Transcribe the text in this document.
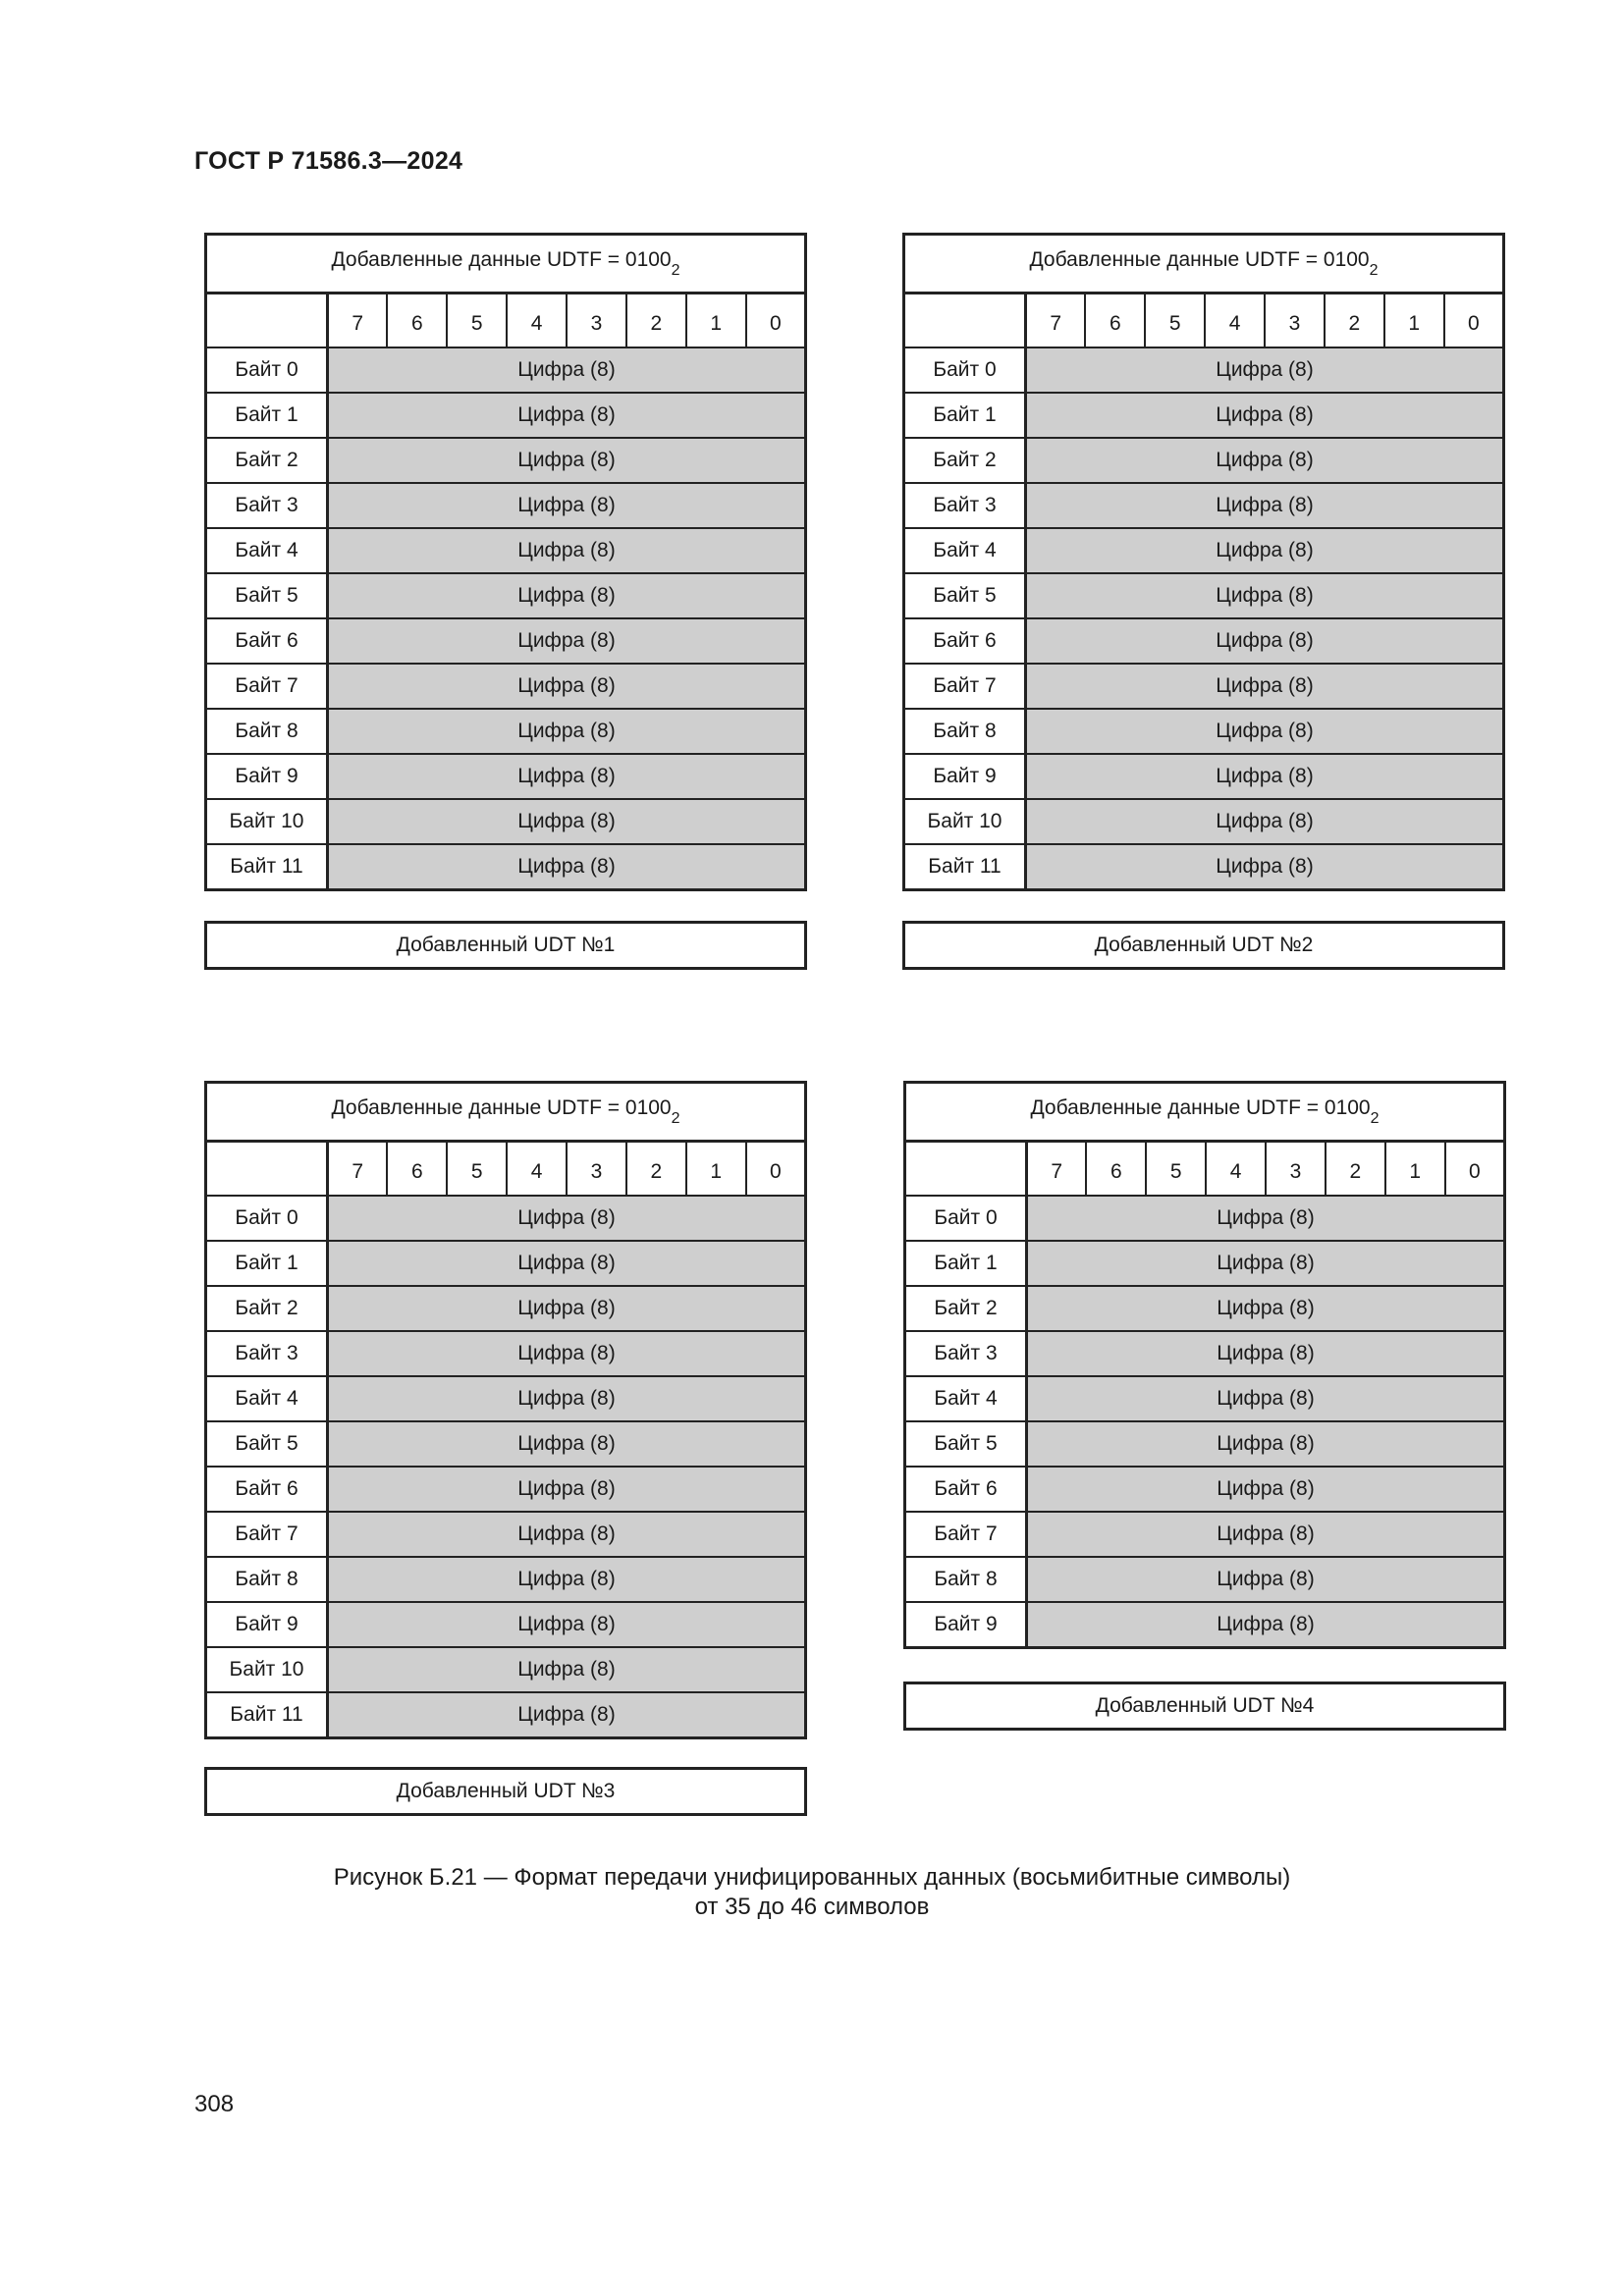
ГОСТ Р 71586.3—2024
Добавленные данные UDTF = $0100_2$
	7	6	5	4	3	2	1	0
Байт 0	Цифра (8)							
Байт 1	Цифра (8)							
Байт 2	Цифра (8)							
Байт 3	Цифра (8)							
Байт 4	Цифра (8)							
Байт 5	Цифра (8)							
Байт 6	Цифра (8)							
Байт 7	Цифра (8)							
Байт 8	Цифра (8)							
Байт 9	Цифра (8)							
Байт 10	Цифра (8)							
Байт 11	Цифра (8)							
Добавленный UDT №1
Добавленные данные UDTF = $0100_2$
	7	6	5	4	3	2	1	0
Байт 0	Цифра (8)							
Байт 1	Цифра (8)							
Байт 2	Цифра (8)							
Байт 3	Цифра (8)							
Байт 4	Цифра (8)							
Байт 5	Цифра (8)							
Байт 6	Цифра (8)							
Байт 7	Цифра (8)							
Байт 8	Цифра (8)							
Байт 9	Цифра (8)							
Байт 10	Цифра (8)							
Байт 11	Цифра (8)							
Добавленный UDT №2
Добавленные данные UDTF = $0100_2$
	7	6	5	4	3	2	1	0
Байт 0	Цифра (8)							
Байт 1	Цифра (8)							
Байт 2	Цифра (8)							
Байт 3	Цифра (8)							
Байт 4	Цифра (8)							
Байт 5	Цифра (8)							
Байт 6	Цифра (8)							
Байт 7	Цифра (8)							
Байт 8	Цифра (8)							
Байт 9	Цифра (8)							
Байт 10	Цифра (8)							
Байт 11	Цифра (8)							
Добавленный UDT №3
Добавленные данные UDTF = $0100_2$
	7	6	5	4	3	2	1	0
Байт 0	Цифра (8)							
Байт 1	Цифра (8)							
Байт 2	Цифра (8)							
Байт 3	Цифра (8)							
Байт 4	Цифра (8)							
Байт 5	Цифра (8)							
Байт 6	Цифра (8)							
Байт 7	Цифра (8)							
Байт 8	Цифра (8)							
Байт 9	Цифра (8)							
Добавленный UDT №4
Рисунок Б.21 — Формат передачи унифицированных данных (восьмибитные символы)
от 35 до 46 символов
308
